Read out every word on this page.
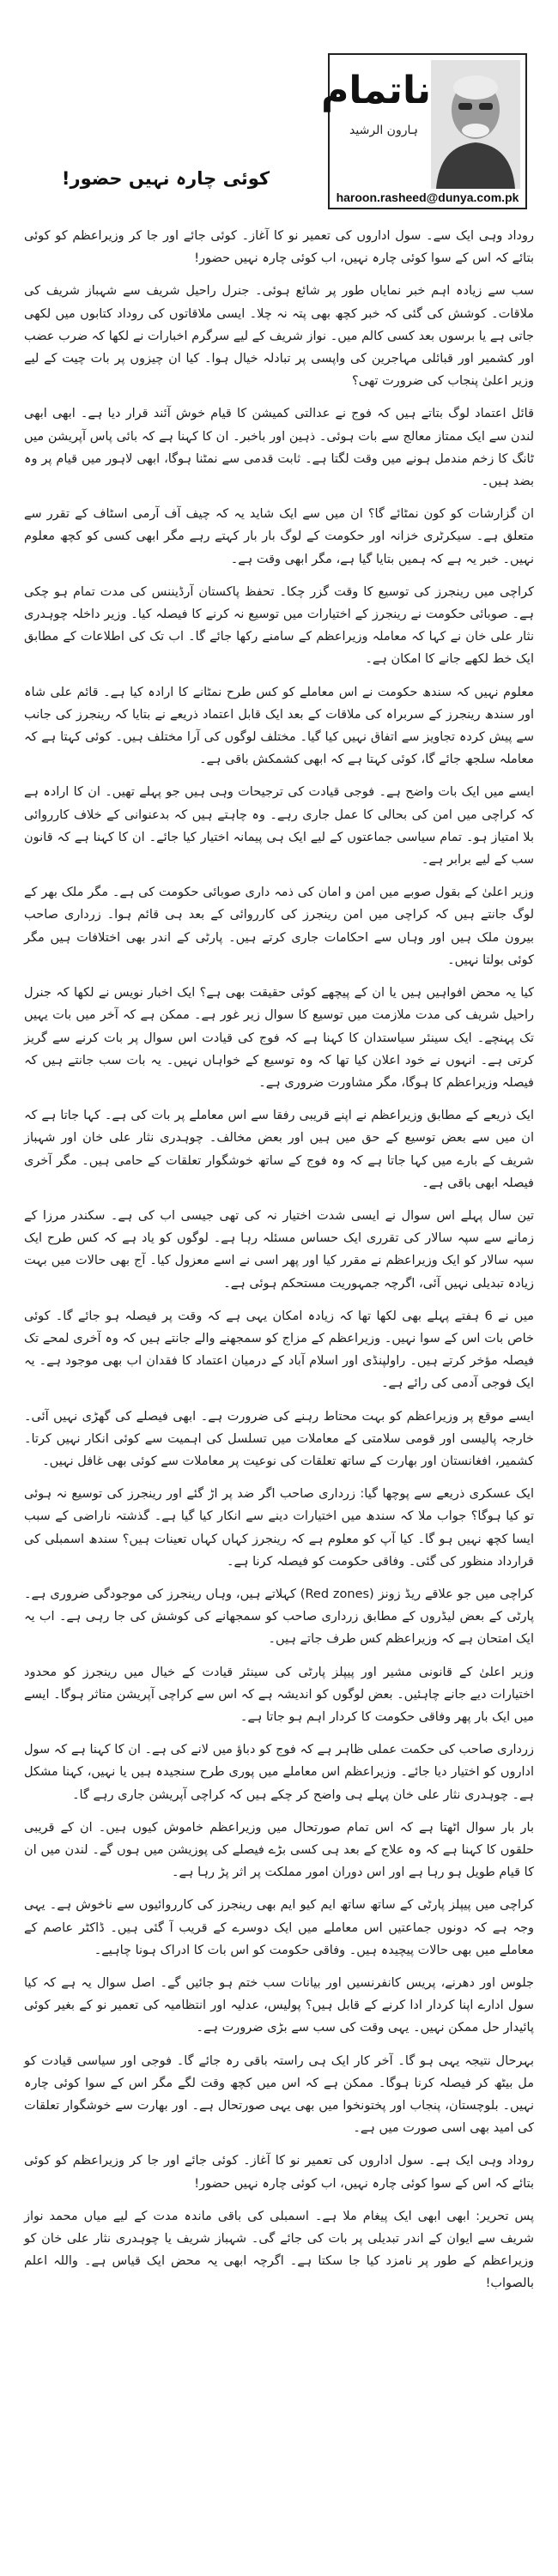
ناتمام
ہارون الرشید
haroon.rasheed@dunya.com.pk
کوئی چارہ نہیں حضور!

روداد وہی ایک سے۔ سول اداروں کی تعمیر نو کا آغاز۔ کوئی جائے اور جا کر وزیراعظم کو کوئی بتائے کہ اس کے سوا کوئی چارہ نہیں، اب کوئی چارہ نہیں حضور!

سب سے زیادہ اہم خبر نمایاں طور پر شائع ہوئی۔ جنرل راحیل شریف سے شہباز شریف کی ملاقات۔ کوشش کی گئی کہ خبر کچھ بھی پتہ نہ چلا۔ ایسی ملاقاتوں کی روداد کتابوں میں لکھی جاتی ہے یا برسوں بعد کسی کالم میں۔ نواز شریف کے لیے سرگرم اخبارات نے لکھا کہ ضرب عضب اور کشمیر اور قبائلی مہاجرین کی واپسی پر تبادلہ خیال ہوا۔ کیا ان چیزوں پر بات چیت کے لیے وزیر اعلیٰ پنجاب کی ضرورت تھی؟

قائل اعتماد لوگ بتاتے ہیں کہ فوج نے عدالتی کمیشن کا قیام خوش آئند قرار دیا ہے۔ ابھی ابھی لندن سے ایک ممتاز معالج سے بات ہوئی۔ ذہین اور باخبر۔ ان کا کہنا ہے کہ بائی پاس آپریشن میں ٹانگ کا زخم مندمل ہونے میں وقت لگتا ہے۔ ثابت قدمی سے نمٹنا ہوگا، ابھی لاہور میں قیام پر وہ بضد ہیں۔

ان گزارشات کو کون نمٹائے گا؟ ان میں سے ایک شاید یہ کہ چیف آف آرمی اسٹاف کے تقرر سے متعلق ہے۔ سیکرٹری خزانہ اور حکومت کے لوگ بار بار کہتے رہے مگر ابھی کسی کو کچھ معلوم نہیں۔ خبر یہ ہے کہ ہمیں بتایا گیا ہے، مگر ابھی وقت ہے۔

کراچی میں رینجرز کی توسیع کا وقت گزر چکا۔ تحفظ پاکستان آرڈیننس کی مدت تمام ہو چکی ہے۔ صوبائی حکومت نے رینجرز کے اختیارات میں توسیع نہ کرنے کا فیصلہ کیا۔ وزیر داخلہ چوہدری نثار علی خان نے کہا کہ معاملہ وزیراعظم کے سامنے رکھا جائے گا۔ اب تک کی اطلاعات کے مطابق ایک خط لکھے جانے کا امکان ہے۔

معلوم نہیں کہ سندھ حکومت نے اس معاملے کو کس طرح نمٹانے کا ارادہ کیا ہے۔ قائم علی شاہ اور سندھ رینجرز کے سربراہ کی ملاقات کے بعد ایک قابل اعتماد ذریعے نے بتایا کہ رینجرز کی جانب سے پیش کردہ تجاویز سے اتفاق نہیں کیا گیا۔ مختلف لوگوں کی آرا مختلف ہیں۔ کوئی کہتا ہے کہ معاملہ سلجھ جائے گا، کوئی کہتا ہے کہ ابھی کشمکش باقی ہے۔

ایسے میں ایک بات واضح ہے۔ فوجی قیادت کی ترجیحات وہی ہیں جو پہلے تھیں۔ ان کا ارادہ ہے کہ کراچی میں امن کی بحالی کا عمل جاری رہے۔ وہ چاہتے ہیں کہ بدعنوانی کے خلاف کارروائی بلا امتیاز ہو۔ تمام سیاسی جماعتوں کے لیے ایک ہی پیمانہ اختیار کیا جائے۔ ان کا کہنا ہے کہ قانون سب کے لیے برابر ہے۔

وزیر اعلیٰ کے بقول صوبے میں امن و امان کی ذمہ داری صوبائی حکومت کی ہے۔ مگر ملک بھر کے لوگ جانتے ہیں کہ کراچی میں امن رینجرز کی کارروائی کے بعد ہی قائم ہوا۔ زرداری صاحب بیرون ملک ہیں اور وہاں سے احکامات جاری کرتے ہیں۔ پارٹی کے اندر بھی اختلافات ہیں مگر کوئی بولتا نہیں۔

کیا یہ محض افواہیں ہیں یا ان کے پیچھے کوئی حقیقت بھی ہے؟ ایک اخبار نویس نے لکھا کہ جنرل راحیل شریف کی مدت ملازمت میں توسیع کا سوال زیر غور ہے۔ ممکن ہے کہ آخر میں بات یہیں تک پہنچے۔ ایک سینئر سیاستدان کا کہنا ہے کہ فوج کی قیادت اس سوال پر بات کرنے سے گریز کرتی ہے۔ انہوں نے خود اعلان کیا تھا کہ وہ توسیع کے خواہاں نہیں۔ یہ بات سب جانتے ہیں کہ فیصلہ وزیراعظم کا ہوگا، مگر مشاورت ضروری ہے۔

ایک ذریعے کے مطابق وزیراعظم نے اپنے قریبی رفقا سے اس معاملے پر بات کی ہے۔ کہا جاتا ہے کہ ان میں سے بعض توسیع کے حق میں ہیں اور بعض مخالف۔ چوہدری نثار علی خان اور شہباز شریف کے بارے میں کہا جاتا ہے کہ وہ فوج کے ساتھ خوشگوار تعلقات کے حامی ہیں۔ مگر آخری فیصلہ ابھی باقی ہے۔

تین سال پہلے اس سوال نے ایسی شدت اختیار نہ کی تھی جیسی اب کی ہے۔ سکندر مرزا کے زمانے سے سپہ سالار کی تقرری ایک حساس مسئلہ رہا ہے۔ لوگوں کو یاد ہے کہ کس طرح ایک سپہ سالار کو ایک وزیراعظم نے مقرر کیا اور پھر اسی نے اسے معزول کیا۔ آج بھی حالات میں بہت زیادہ تبدیلی نہیں آئی، اگرچہ جمہوریت مستحکم ہوئی ہے۔

میں نے 6 ہفتے پہلے بھی لکھا تھا کہ زیادہ امکان یہی ہے کہ وقت پر فیصلہ ہو جائے گا۔ کوئی خاص بات اس کے سوا نہیں۔ وزیراعظم کے مزاج کو سمجھنے والے جانتے ہیں کہ وہ آخری لمحے تک فیصلہ مؤخر کرتے ہیں۔ راولپنڈی اور اسلام آباد کے درمیان اعتماد کا فقدان اب بھی موجود ہے۔ یہ ایک فوجی آدمی کی رائے ہے۔

ایسے موقع پر وزیراعظم کو بہت محتاط رہنے کی ضرورت ہے۔ ابھی فیصلے کی گھڑی نہیں آئی۔ خارجہ پالیسی اور قومی سلامتی کے معاملات میں تسلسل کی اہمیت سے کوئی انکار نہیں کرتا۔ کشمیر، افغانستان اور بھارت کے ساتھ تعلقات کی نوعیت پر معاملات سے کوئی بھی غافل نہیں۔

ایک عسکری ذریعے سے پوچھا گیا: زرداری صاحب اگر ضد پر اڑ گئے اور رینجرز کی توسیع نہ ہوئی تو کیا ہوگا؟ جواب ملا کہ سندھ میں اختیارات دینے سے انکار کیا گیا ہے۔ گذشتہ ناراضی کے سبب ایسا کچھ نہیں ہو گا۔ کیا آپ کو معلوم ہے کہ رینجرز کہاں کہاں تعینات ہیں؟ سندھ اسمبلی کی قرارداد منظور کی گئی۔ وفاقی حکومت کو فیصلہ کرنا ہے۔

کراچی میں جو علاقے ریڈ زونز (Red zones) کہلاتے ہیں، وہاں رینجرز کی موجودگی ضروری ہے۔ پارٹی کے بعض لیڈروں کے مطابق زرداری صاحب کو سمجھانے کی کوشش کی جا رہی ہے۔ اب یہ ایک امتحان ہے کہ وزیراعظم کس طرف جاتے ہیں۔

وزیر اعلیٰ کے قانونی مشیر اور پیپلز پارٹی کی سینئر قیادت کے خیال میں رینجرز کو محدود اختیارات دیے جانے چاہئیں۔ بعض لوگوں کو اندیشہ ہے کہ اس سے کراچی آپریشن متاثر ہوگا۔ ایسے میں ایک بار پھر وفاقی حکومت کا کردار اہم ہو جاتا ہے۔

زرداری صاحب کی حکمت عملی ظاہر ہے کہ فوج کو دباؤ میں لانے کی ہے۔ ان کا کہنا ہے کہ سول اداروں کو اختیار دیا جائے۔ وزیراعظم اس معاملے میں پوری طرح سنجیدہ ہیں یا نہیں، کہنا مشکل ہے۔ چوہدری نثار علی خان پہلے ہی واضح کر چکے ہیں کہ کراچی آپریشن جاری رہے گا۔

بار بار سوال اٹھتا ہے کہ اس تمام صورتحال میں وزیراعظم خاموش کیوں ہیں۔ ان کے قریبی حلقوں کا کہنا ہے کہ وہ علاج کے بعد ہی کسی بڑے فیصلے کی پوزیشن میں ہوں گے۔ لندن میں ان کا قیام طویل ہو رہا ہے اور اس دوران امور مملکت پر اثر پڑ رہا ہے۔

کراچی میں پیپلز پارٹی کے ساتھ ساتھ ایم کیو ایم بھی رینجرز کی کارروائیوں سے ناخوش ہے۔ یہی وجہ ہے کہ دونوں جماعتیں اس معاملے میں ایک دوسرے کے قریب آ گئی ہیں۔ ڈاکٹر عاصم کے معاملے میں بھی حالات پیچیدہ ہیں۔ وفاقی حکومت کو اس بات کا ادراک ہونا چاہیے۔

جلوس اور دھرنے، پریس کانفرنسیں اور بیانات سب ختم ہو جائیں گے۔ اصل سوال یہ ہے کہ کیا سول ادارے اپنا کردار ادا کرنے کے قابل ہیں؟ پولیس، عدلیہ اور انتظامیہ کی تعمیر نو کے بغیر کوئی پائیدار حل ممکن نہیں۔ یہی وقت کی سب سے بڑی ضرورت ہے۔

بہرحال نتیجہ یہی ہو گا۔ آخر کار ایک ہی راستہ باقی رہ جائے گا۔ فوجی اور سیاسی قیادت کو مل بیٹھ کر فیصلہ کرنا ہوگا۔ ممکن ہے کہ اس میں کچھ وقت لگے مگر اس کے سوا کوئی چارہ نہیں۔ بلوچستان، پنجاب اور پختونخوا میں بھی یہی صورتحال ہے۔ اور بھارت سے خوشگوار تعلقات کی امید بھی اسی صورت میں ہے۔

روداد وہی ایک ہے۔ سول اداروں کی تعمیر نو کا آغاز۔ کوئی جائے اور جا کر وزیراعظم کو کوئی بتائے کہ اس کے سوا کوئی چارہ نہیں، اب کوئی چارہ نہیں حضور!

پس تحریر: ابھی ابھی ایک پیغام ملا ہے۔ اسمبلی کی باقی ماندہ مدت کے لیے میاں محمد نواز شریف سے ایوان کے اندر تبدیلی پر بات کی جائے گی۔ شہباز شریف یا چوہدری نثار علی خان کو وزیراعظم کے طور پر نامزد کیا جا سکتا ہے۔ اگرچہ ابھی یہ محض ایک قیاس ہے۔ واللہ اعلم بالصواب!
